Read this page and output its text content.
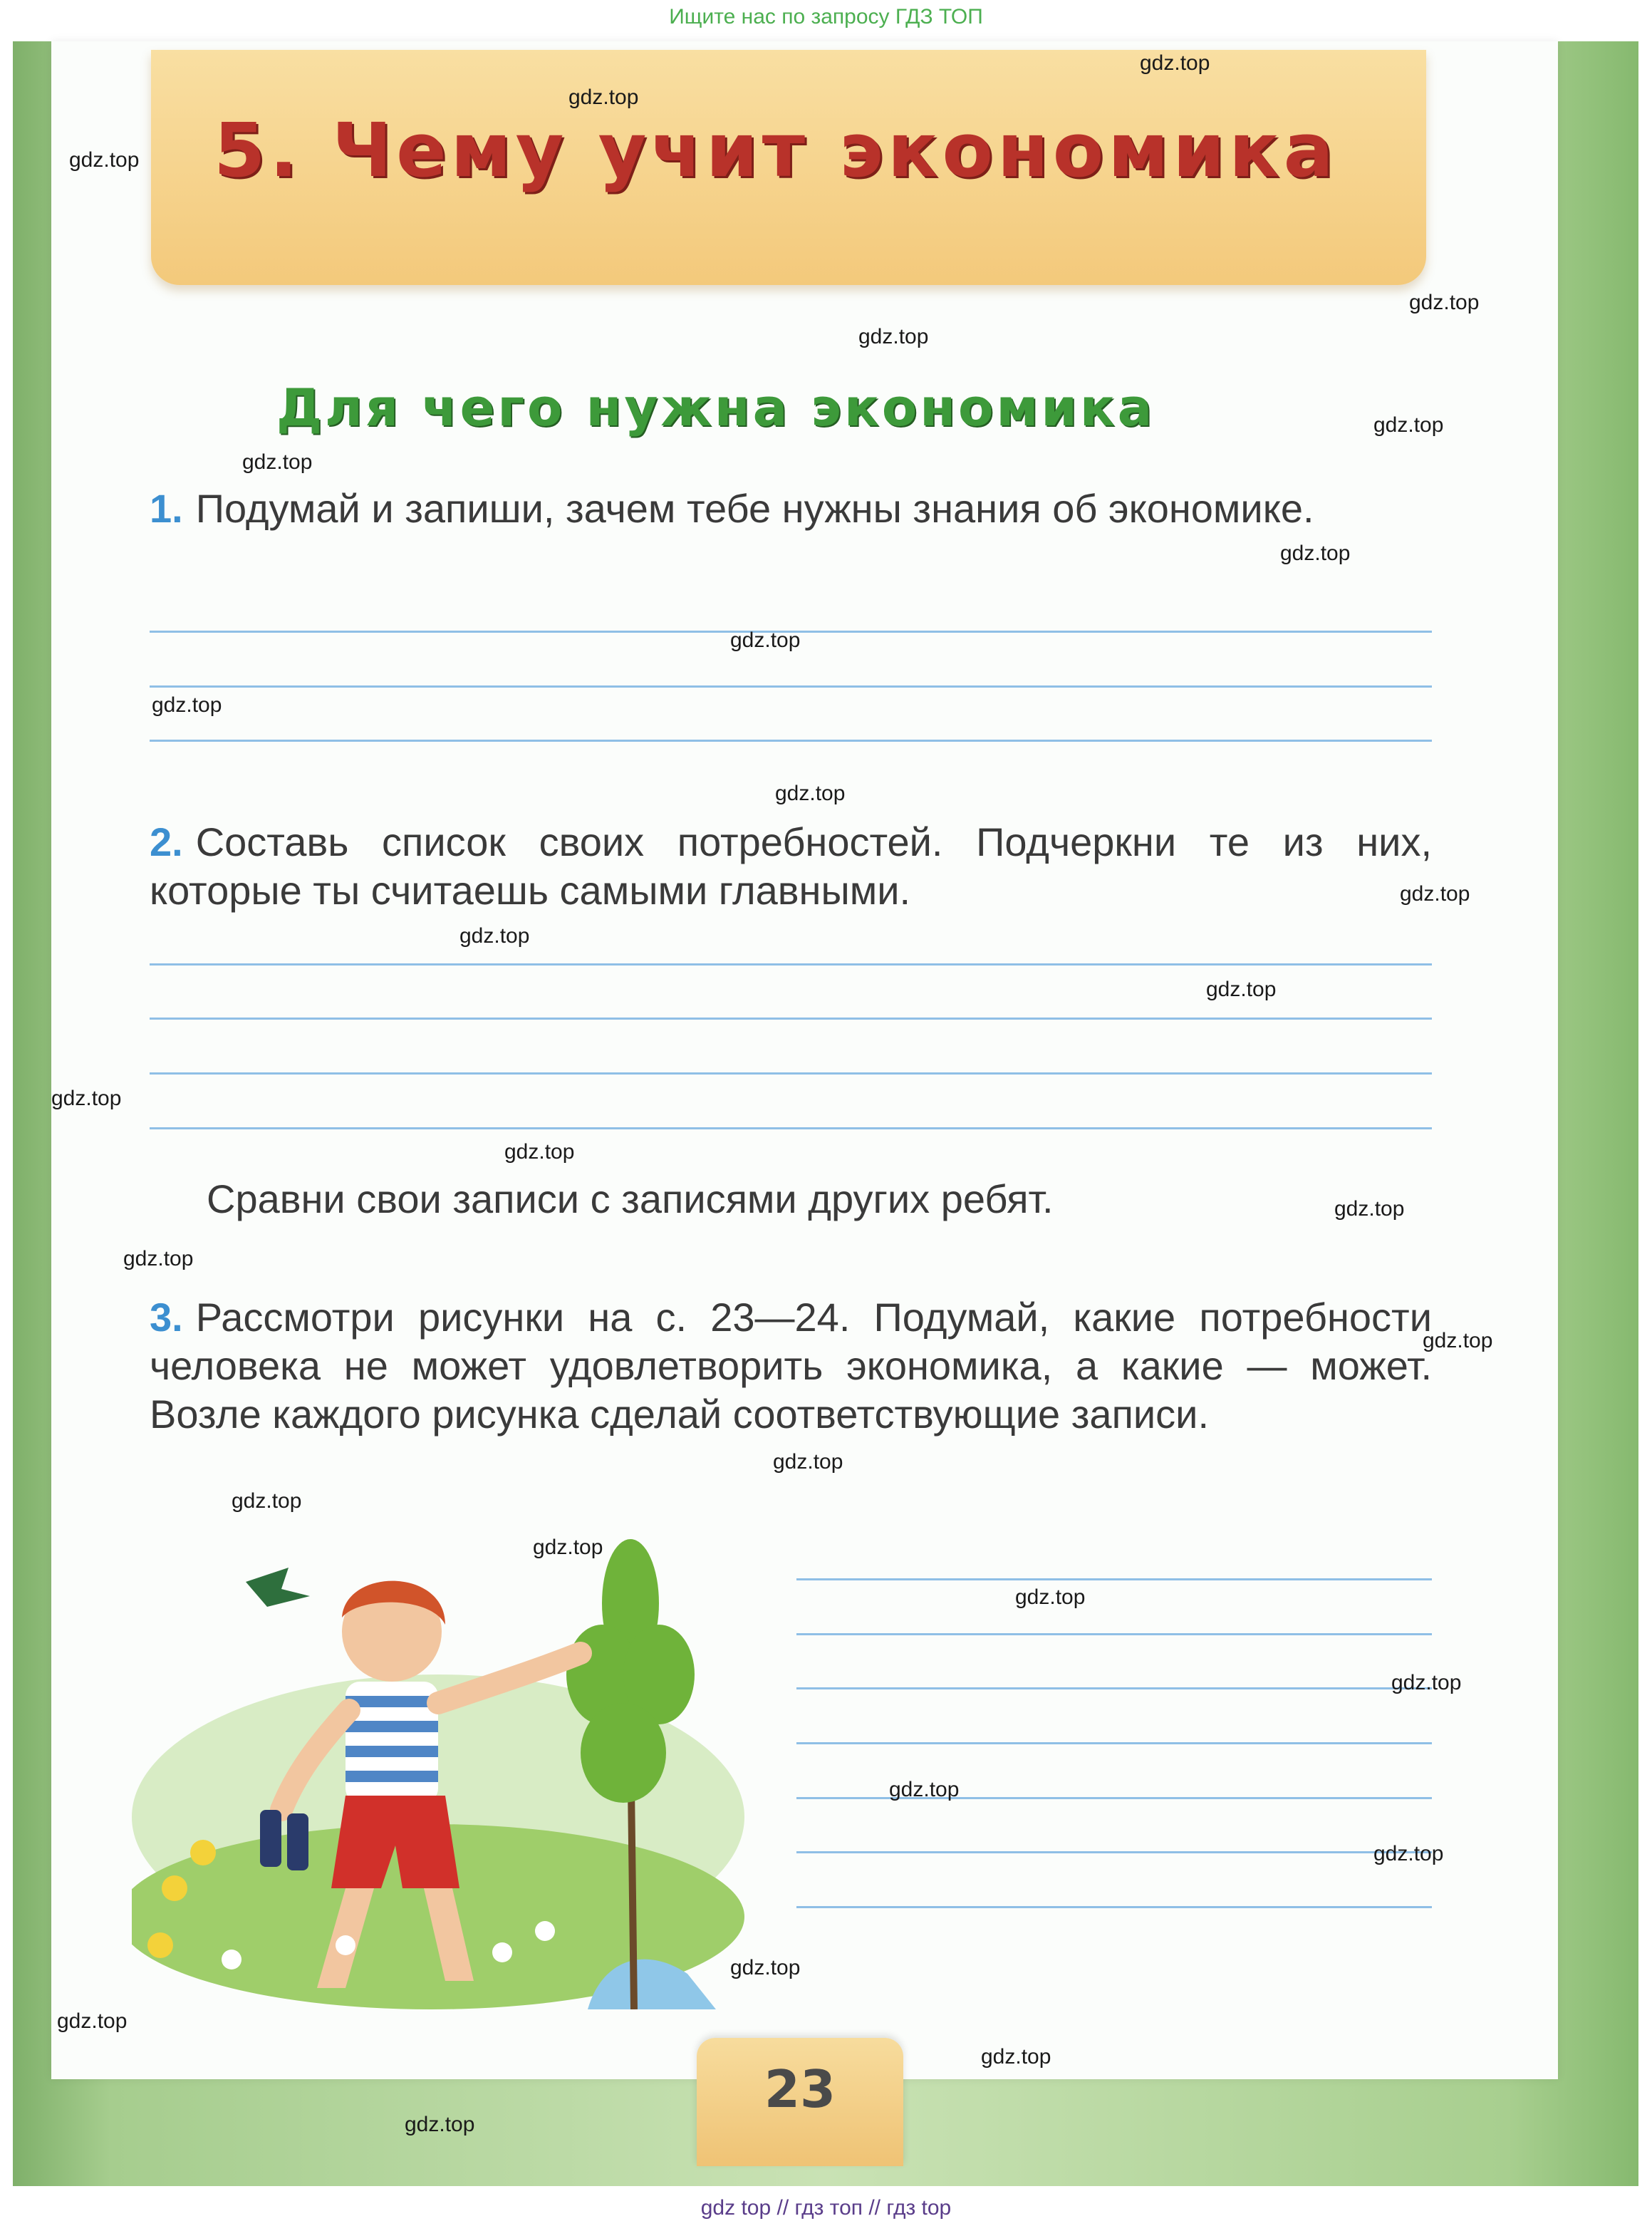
Ищите нас по запросу ГДЗ ТОП
5. Чему учит экономика
Для чего нужна экономика
1. Подумай и запиши, зачем тебе нужны знания об экономике.
2. Составь список своих потребностей. Подчеркни те из них, которые ты считаешь самыми главными.
Сравни свои записи с записями других ребят.
3. Рассмотри рисунки на с. 23—24. Подумай, какие потребности человека не может удовлетворить экономика, а какие — может. Возле каждого рисунка сделай соответствующие записи.
23
gdz.top
gdz.top
gdz.top
gdz.top
gdz.top
gdz.top
gdz.top
gdz.top
gdz.top
gdz.top
gdz.top
gdz.top
gdz.top
gdz.top
gdz.top
gdz.top
gdz.top
gdz.top
gdz.top
gdz.top
gdz.top
gdz.top
gdz.top
gdz.top
gdz.top
gdz.top
gdz.top
gdz.top
gdz.top
gdz.top
gdz top // гдз топ // гдз top
